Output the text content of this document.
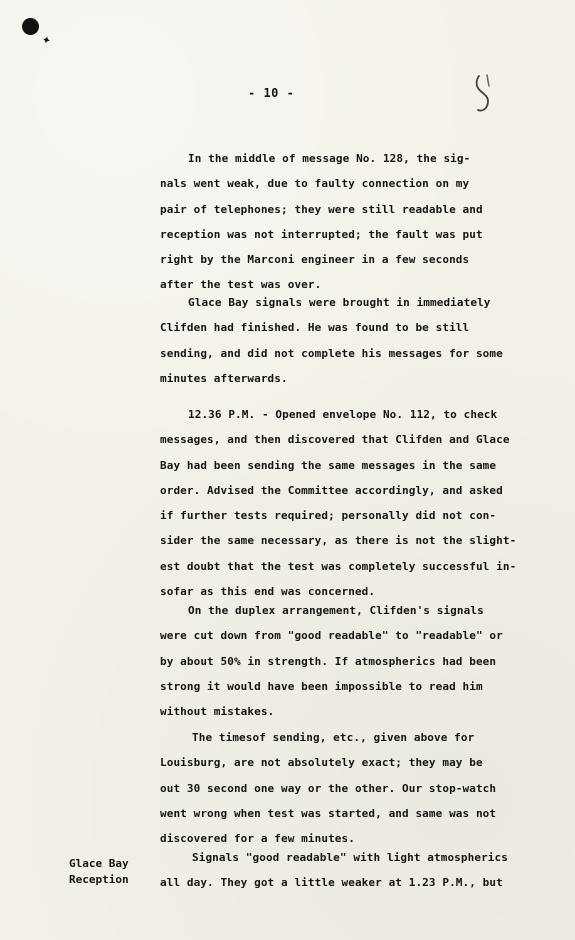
✦
- 10 -
Glace Bay
Reception
In the middle of message No. 128, the sig-
nals went weak, due to faulty connection on my
pair of telephones; they were still readable and
reception was not interrupted; the fault was put
right by the Marconi engineer in a few seconds
after the test was over.
Glace Bay signals were brought in immediately
Clifden had finished. He was found to be still
sending, and did not complete his messages for some
minutes afterwards.
12.36 P.M. - Opened envelope No. 112, to check
messages, and then discovered that Clifden and Glace
Bay had been sending the same messages in the same
order. Advised the Committee accordingly, and asked
if further tests required; personally did not con-
sider the same necessary, as there is not the slight-
est doubt that the test was completely successful in-
sofar as this end was concerned.
On the duplex arrangement, Clifden's signals
were cut down from "good readable" to "readable" or
by about 50% in strength. If atmospherics had been
strong it would have been impossible to read him
without mistakes.
The timesof sending, etc., given above for
Louisburg, are not absolutely exact; they may be
out 30 second one way or the other. Our stop-watch
went wrong when test was started, and same was not
discovered for a few minutes.
Signals "good readable" with light atmospherics
all day. They got a little weaker at 1.23 P.M., but
